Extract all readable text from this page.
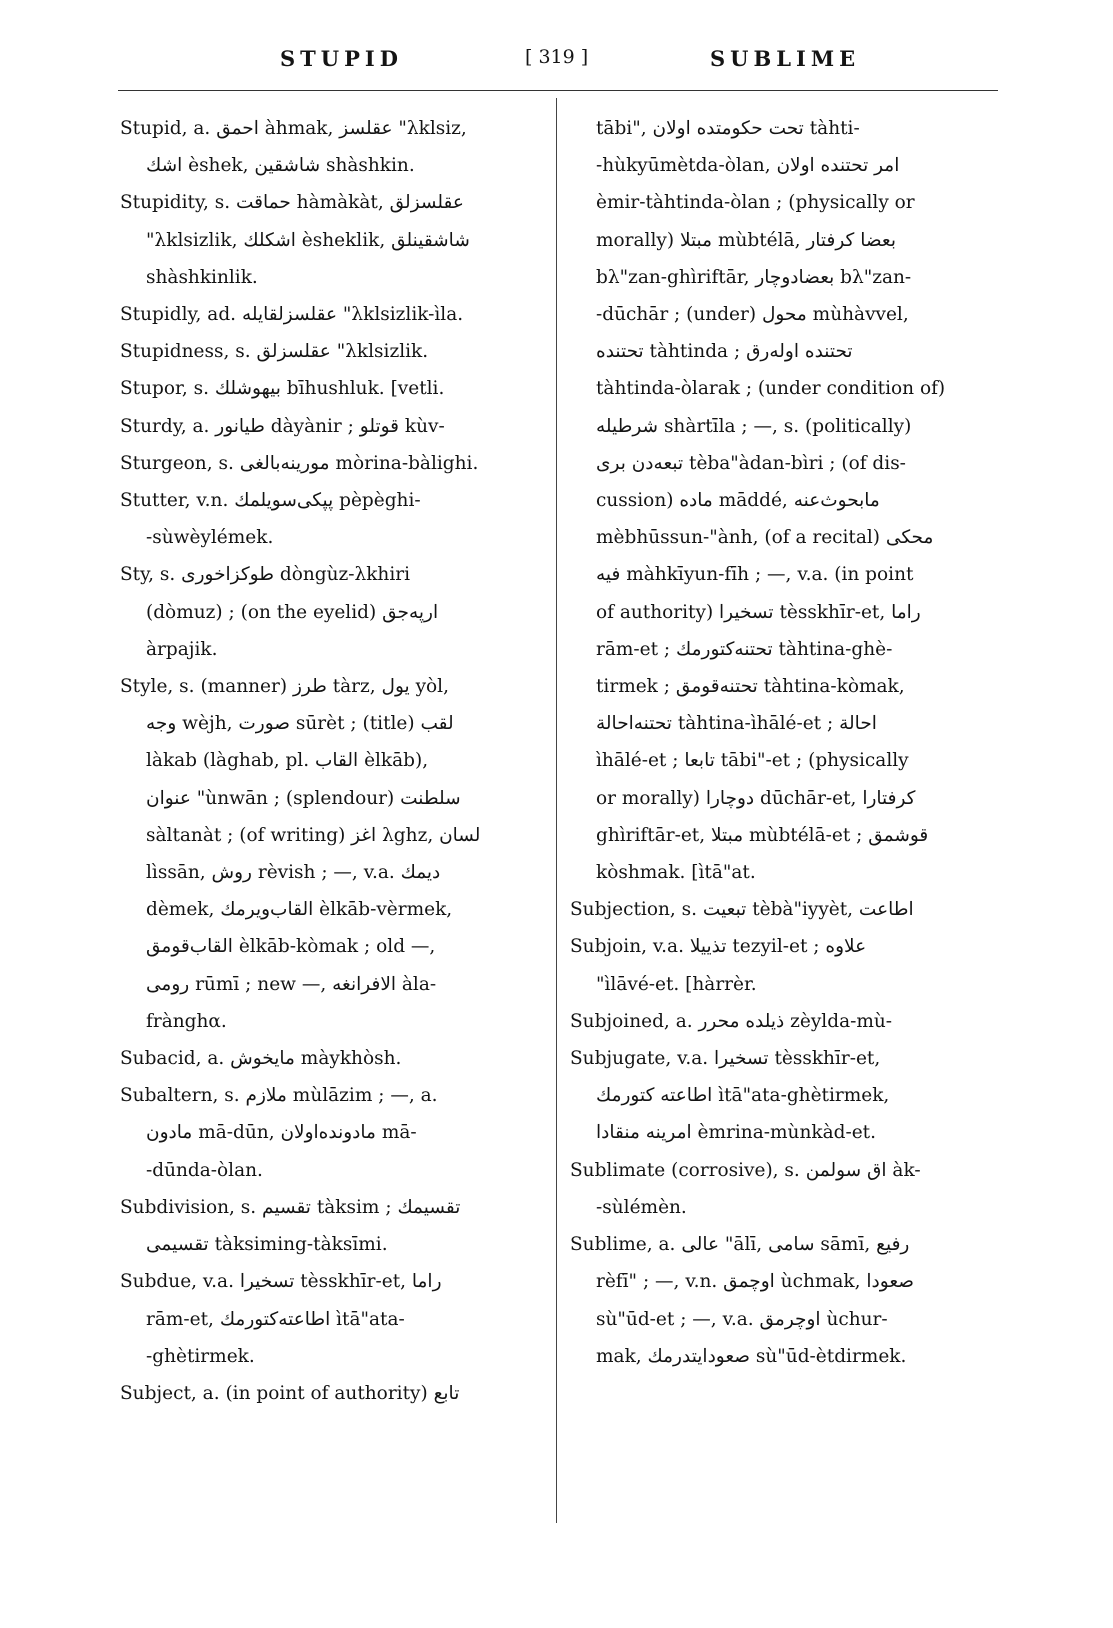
STUPID	[ 319 ]	SUBLIME
Stupid, a. احمق àhmak, عقلسز "λklsiz,
اشك èshek, شاشقين shàshkin.
Stupidity, s. حماقت hàmàkàt, عقلسزلق
"λklsizlik, اشكلك èsheklik, شاشقينلق
shàshkinlik.
Stupidly, ad. عقلسزلقايله "λklsizlik-ìla.
Stupidness, s. عقلسزلق "λklsizlik.
Stupor, s. بيهوشلك bīhushluk. [vetli.
Sturdy, a. طيانور dàyànir ; قوتلو kùv-
Sturgeon, s. مورينه‌بالغى mòrina-bàlighi.
Stutter, v.n. پپكى‌سويلمك pèpèghi-
-sùwèylémek.
Sty, s. طوكزاخورى dòngùz-λkhiri
(dòmuz) ; (on the eyelid) ارپه‌جق
àrpajik.
Style, s. (manner) طرز tàrz, يول yòl,
وجه wèjh, صورت sūrèt ; (title) لقب
làkab (làghab, pl. القاب èlkāb),
عنوان "ùnwān ; (splendour) سلطنت
sàltanàt ; (of writing) اغز λghz, لسان
lìssān, روش rèvish ; —, v.a. ديمك
dèmek, القاب‌ويرمك èlkāb-vèrmek,
القاب‌قومق èlkāb-kòmak ; old —,
رومى rūmī ; new —, الافرانغه àla-
frànghα.
Subacid, a. مايخوش màykhòsh.
Subaltern, s. ملازم mùlāzim ; —, a.
مادون mā-dūn, مادونده‌اولان mā-
-dūnda-òlan.
Subdivision, s. تقسيم tàksim ; تقسيمك
تقسيمى tàksiming-tàksīmi.
Subdue, v.a. تسخيرا tèsskhīr-et, راما
rām-et, اطاعته‌كتورمك ìtā"ata-
-ghètirmek.
Subject, a. (in point of authority) تابع
tābi", تحت حكومتده اولان tàhti-
-hùkyūmètda-òlan, امر تحتنده اولان
èmir-tàhtinda-òlan ; (physically or
morally) مبتلا mùbtélā, بعضا كرفتار
bλ"zan-ghìriftār, بعضادوچار bλ"zan-
-dūchār ; (under) محول mùhàvvel,
تحتنده tàhtinda ; تحتنده اوله‌رق
tàhtinda-òlarak ; (under condition of)
شرطيله shàrtīla ; —, s. (politically)
تبعه‌دن برى tèba"àdan-bìri ; (of dis-
cussion) ماده māddé, مابحوث‌عنه
mèbhūssun-"ành, (of a recital) محكى
فيه màhkīyun-fīh ; —, v.a. (in point
of authority) تسخيرا tèsskhīr-et, راما
rām-et ; تحتنه‌كتورمك tàhtina-ghè-
tirmek ; تحتنه‌قومق tàhtina-kòmak,
تحتنه‌احالة tàhtina-ìhālé-et ; احالة
ìhālé-et ; تابعا tābi"-et ; (physically
or morally) دوچارا dūchār-et, كرفتارا
ghìriftār-et, مبتلا mùbtélā-et ; قوشمق
kòshmak. [ìtā"at.
Subjection, s. تبعيت tèbà"iyyèt, اطاعت
Subjoin, v.a. تذييلا tezyil-et ; علاوه
"ìlāvé-et. [hàrrèr.
Subjoined, a. ذيلده محرر zèylda-mù-
Subjugate, v.a. تسخيرا tèsskhīr-et,
اطاعته كتورمك ìtā"ata-ghètirmek,
امرينه منقادا èmrina-mùnkàd-et.
Sublimate (corrosive), s. اق سولمن àk-
-sùlémèn.
Sublime, a. عالى "ālī, سامى sāmī, رفيع
rèfī" ; —, v.n. اوچمق ùchmak, صعودا
sù"ūd-et ; —, v.a. اوچرمق ùchur-
mak, صعودايتدرمك sù"ūd-ètdirmek.
